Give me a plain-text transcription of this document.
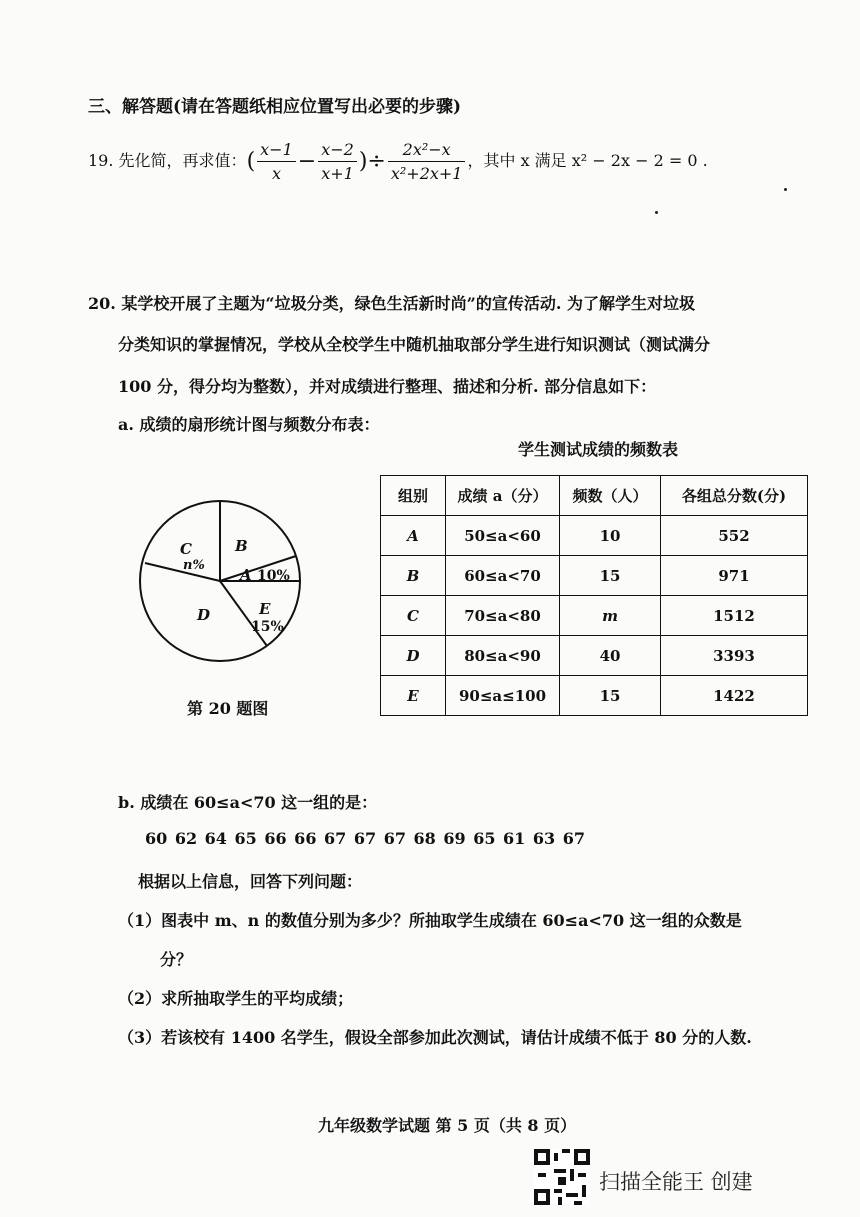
三、解答题(请在答题纸相应位置写出必要的步骤)
19. 先化简，再求值：( $\frac{x-1}{x} - \frac{x-2}{x+1}$ )÷ $\frac{\text{2x²−x}}{\text{x²+2x+1}}$ ，其中 x 满足 x² − 2x − 2 = 0 .
20. 某学校开展了主题为“垃圾分类，绿色生活新时尚”的宣传活动. 为了解学生对垃圾
分类知识的掌握情况，学校从全校学生中随机抽取部分学生进行知识测试（测试满分
100 分，得分均为整数），并对成绩进行整理、描述和分析. 部分信息如下：
a. 成绩的扇形统计图与频数分布表：
学生测试成绩的频数表
C
n%
B
A 10%
D	E
15%
第 20 题图
组别	成绩 a（分）	频数（人）	各组总分数(分)
A	50≤a<60	10	552
B	60≤a<70	15	971
C	70≤a<80	m	1512
D	80≤a<90	40	3393
E	90≤a≤100	15	1422
b. 成绩在 60≤a<70 这一组的是：
60 62 64 65 66 66 67 67 67 68 69 65 61 63 67
根据以上信息，回答下列问题：
（1）图表中 m、n 的数值分别为多少？所抽取学生成绩在 60≤a<70 这一组的众数是
分？
（2）求所抽取学生的平均成绩；
（3）若该校有 1400 名学生，假设全部参加此次测试，请估计成绩不低于 80 分的人数.
九年级数学试题 第 5 页（共 8 页）
扫描全能王 创建
